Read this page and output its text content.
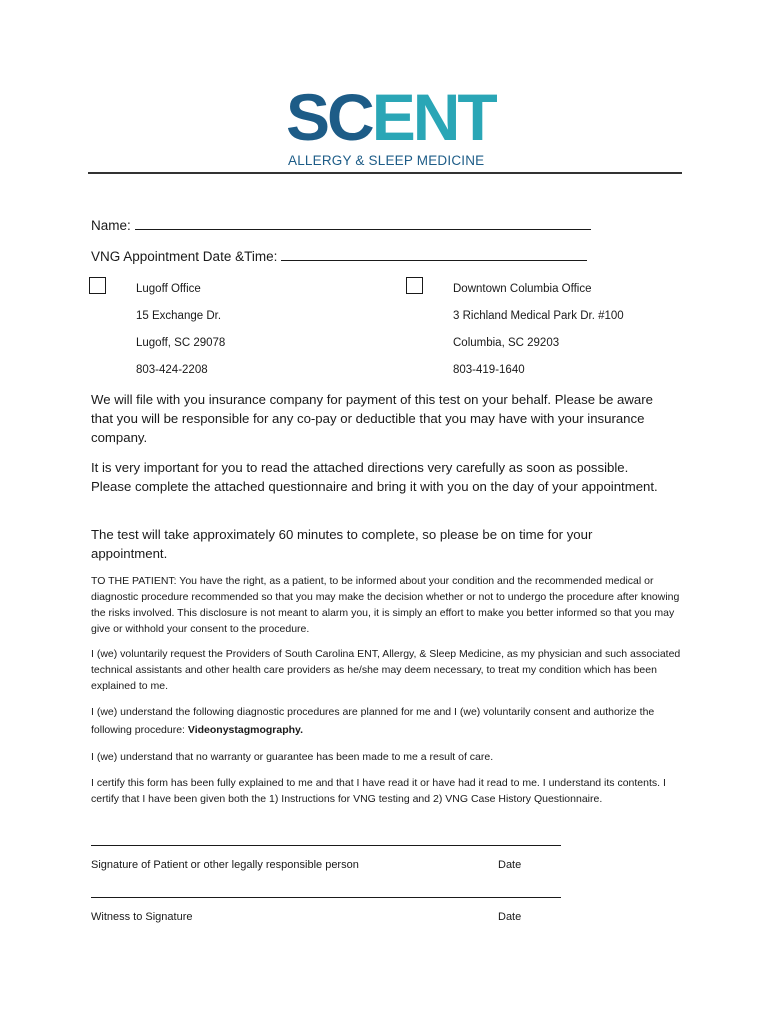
SCENT
ALLERGY & SLEEP MEDICINE
Name:
VNG Appointment Date &Time:
Lugoff Office
15 Exchange Dr.
Lugoff, SC 29078
803-424-2208
Downtown Columbia Office
3 Richland Medical Park Dr. #100
Columbia, SC 29203
803-419-1640
We will file with you insurance company for payment of this test on your behalf. Please be aware that you will be responsible for any co-pay or deductible that you may have with your insurance company.
It is very important for you to read the attached directions very carefully as soon as possible. Please complete the attached questionnaire and bring it with you on the day of your appointment.
The test will take approximately 60 minutes to complete, so please be on time for your appointment.
TO THE PATIENT: You have the right, as a patient, to be informed about your condition and the recommended medical or diagnostic procedure recommended so that you may make the decision whether or not to undergo the procedure after knowing the risks involved. This disclosure is not meant to alarm you, it is simply an effort to make you better informed so that you may give or withhold your consent to the procedure.
I (we) voluntarily request the Providers of South Carolina ENT, Allergy, & Sleep Medicine, as my physician and such associated technical assistants and other health care providers as he/she may deem necessary, to treat my condition which has been explained to me.
I (we) understand the following diagnostic procedures are planned for me and I (we) voluntarily consent and authorize the following procedure: Videonystagmography.
I (we) understand that no warranty or guarantee has been made to me a result of care.
I certify this form has been fully explained to me and that I have read it or have had it read to me. I understand its contents. I certify that I have been given both the 1) Instructions for VNG testing and 2) VNG Case History Questionnaire.
Signature of Patient or other legally responsible person	Date
Witness to Signature	Date
